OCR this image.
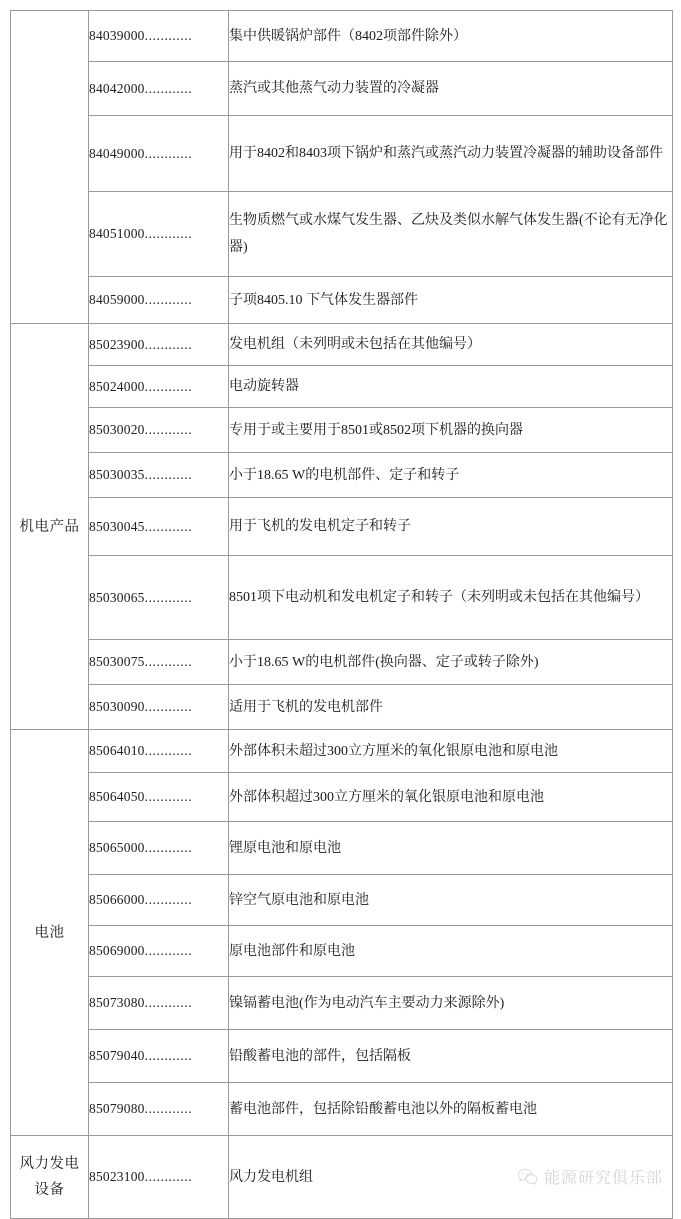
	84039000............	集中供暖锅炉部件（8402项部件除外）
	84042000............	蒸汽或其他蒸气动力装置的冷凝器
	84049000............	用于8402和8403项下锅炉和蒸汽或蒸汽动力装置冷凝器的辅助设备部件
	84051000............	生物质燃气或水煤气发生器、乙炔及类似水解气体发生器(不论有无净化器)
	84059000............	子项8405.10 下气体发生器部件

机电产品	85023900............	发电机组（未列明或未包括在其他编号）
	85024000............	电动旋转器
	85030020............	专用于或主要用于8501或8502项下机器的换向器
	85030035............	小于18.65 W的电机部件、定子和转子
	85030045............	用于飞机的发电机定子和转子
	85030065............	8501项下电动机和发电机定子和转子（未列明或未包括在其他编号）
	85030075............	小于18.65 W的电机部件(换向器、定子或转子除外)
	85030090............	适用于飞机的发电机部件

电池	85064010............	外部体积未超过300立方厘米的氧化银原电池和原电池
	85064050............	外部体积超过300立方厘米的氧化银原电池和原电池
	85065000............	锂原电池和原电池
	85066000............	锌空气原电池和原电池
	85069000............	原电池部件和原电池
	85073080............	镍镉蓄电池(作为电动汽车主要动力来源除外)
	85079040............	铅酸蓄电池的部件，包括隔板
	85079080............	蓄电池部件，包括除铅酸蓄电池以外的隔板蓄电池

风力发电
设备	85023100............	风力发电机组	能源研究俱乐部
